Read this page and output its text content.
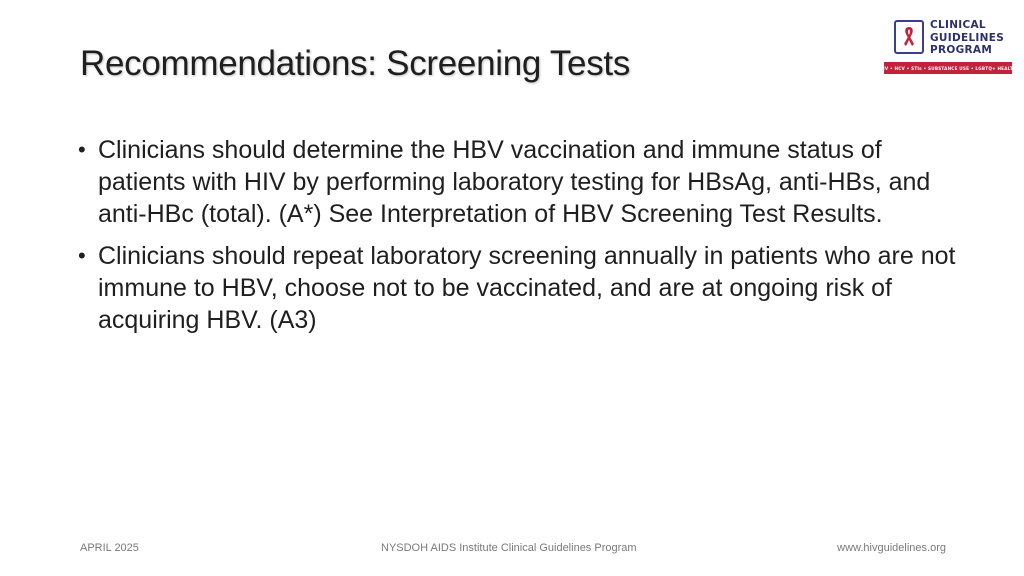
Recommendations: Screening Tests
CLINICAL
GUIDELINES
PROGRAM
HIV • HCV • STIs • SUBSTANCE USE • LGBTQ+ HEALTH
• Clinicians should determine the HBV vaccination and immune status of patients with HIV by performing laboratory testing for HBsAg, anti-HBs, and anti-HBc (total). (A*) See Interpretation of HBV Screening Test Results.
• Clinicians should repeat laboratory screening annually in patients who are not immune to HBV, choose not to be vaccinated, and are at ongoing risk of acquiring HBV. (A3)
APRIL 2025	NYSDOH AIDS Institute Clinical Guidelines Program	www.hivguidelines.org
